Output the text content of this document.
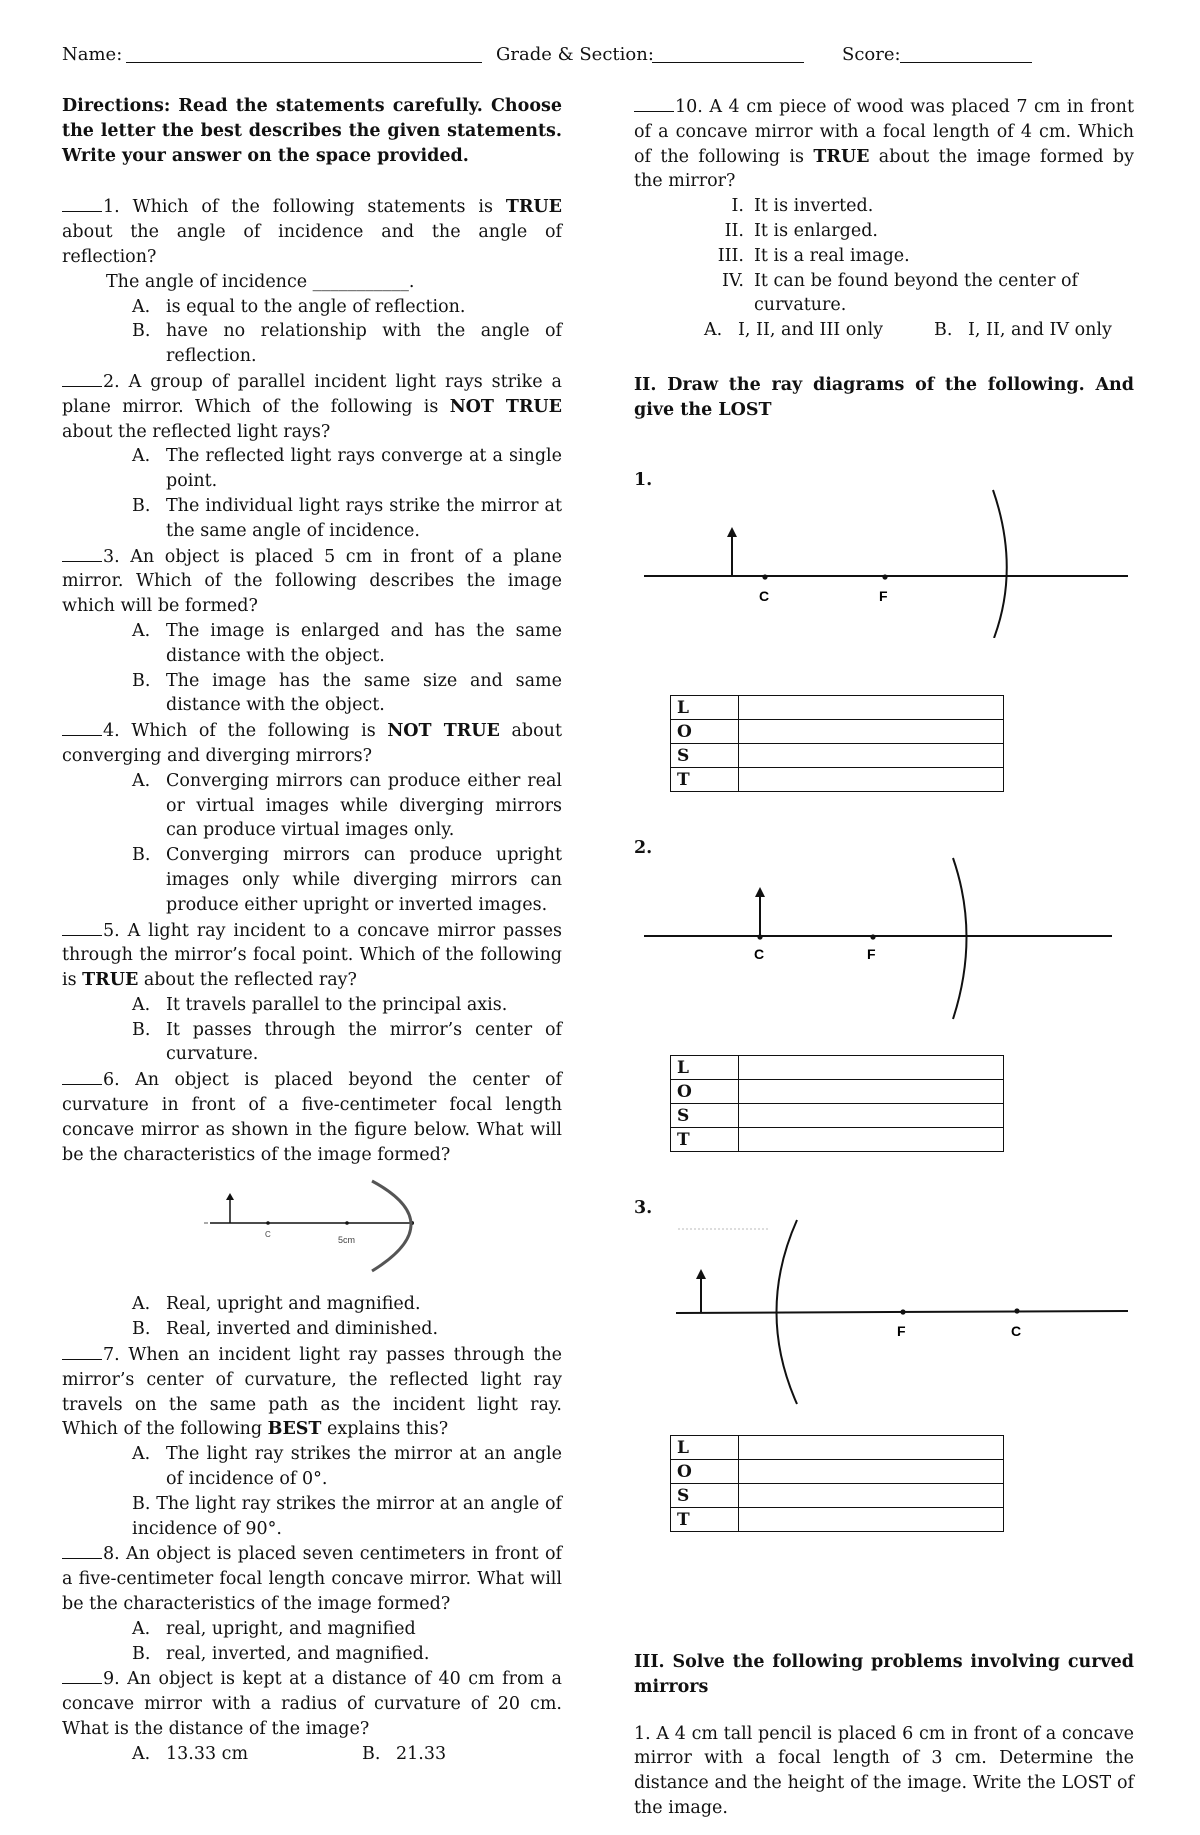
Name:	Grade & Section:	Score:

Directions: Read the statements carefully. Choose the letter the best describes the given statements. Write your answer on the space provided.

1. Which of the following statements is TRUE about the angle of incidence and the angle of reflection?

The angle of incidence ___________.

A. is equal to the angle of reflection.

B. have no relationship with the angle of reflection.

2. A group of parallel incident light rays strike a plane mirror. Which of the following is NOT TRUE about the reflected light rays?

A. The reflected light rays converge at a single point.

B. The individual light rays strike the mirror at the same angle of incidence.

3. An object is placed 5 cm in front of a plane mirror. Which of the following describes the image which will be formed?

A. The image is enlarged and has the same distance with the object.

B. The image has the same size and same distance with the object.

4. Which of the following is NOT TRUE about converging and diverging mirrors?

A. Converging mirrors can produce either real or virtual images while diverging mirrors can produce virtual images only.

B. Converging mirrors can produce upright images only while diverging mirrors can produce either upright or inverted images.

5. A light ray incident to a concave mirror passes through the mirror’s focal point. Which of the following is TRUE about the reflected ray?

A. It travels parallel to the principal axis.

B. It passes through the mirror’s center of curvature.

6. An object is placed beyond the center of curvature in front of a five-centimeter focal length concave mirror as shown in the figure below. What will be the characteristics of the image formed?

C
5cm

A. Real, upright and magnified.

B. Real, inverted and diminished.

7. When an incident light ray passes through the mirror’s center of curvature, the reflected light ray travels on the same path as the incident light ray. Which of the following BEST explains this?

A. The light ray strikes the mirror at an angle of incidence of 0°.

B. The light ray strikes the mirror at an angle of incidence of 90°.

8. An object is placed seven centimeters in front of a five-centimeter focal length concave mirror. What will be the characteristics of the image formed?

A. real, upright, and magnified

B. real, inverted, and magnified.

9. An object is kept at a distance of 40 cm from a concave mirror with a radius of curvature of 20 cm. What is the distance of the image?

A. 13.33 cm	B. 21.33

10. A 4 cm piece of wood was placed 7 cm in front of a concave mirror with a focal length of 4 cm. Which of the following is TRUE about the image formed by the mirror?

I. It is inverted.
II. It is enlarged.
III. It is a real image.
IV. It can be found beyond the center of curvature.

A. I, II, and III only	B. I, II, and IV only

II. Draw the ray diagrams of the following. And give the LOST

1.
C	F
L	
O	
S	
T	
2.
C	F
L	
O	
S	
T	
3.
F	C
L	
O	
S	
T	

III. Solve the following problems involving curved mirrors

1. A 4 cm tall pencil is placed 6 cm in front of a concave mirror with a focal length of 3 cm. Determine the distance and the height of the image. Write the LOST of the image.
